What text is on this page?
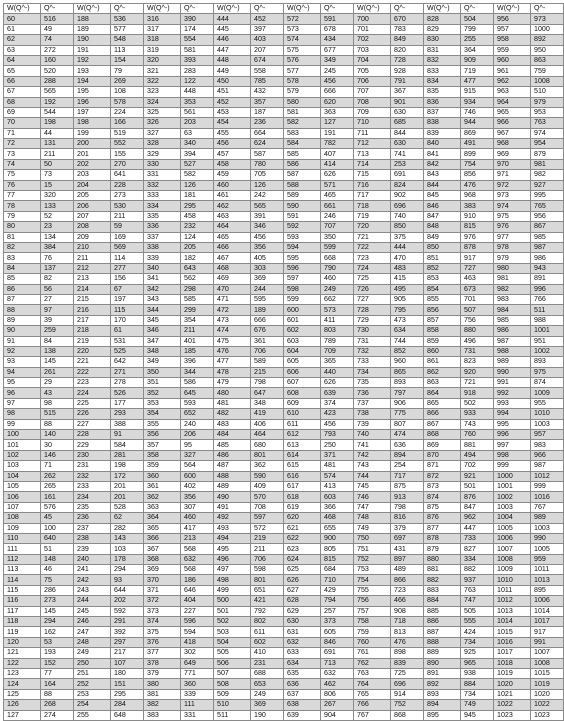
W(Q^-)	Q^-	W(Q^-)	Q^-	W(Q^-)	Q^-	W(Q^-)	Q^-	W(Q^-)	Q^-	W(Q^-)	Q^-	W(Q^-)	Q^-	W(Q^-)	Q^-
60	516	188	536	316	390	444	452	572	591	700	670	828	504	956	973
61	49	189	577	317	174	445	397	573	678	701	783	829	799	957	1000
62	74	190	548	318	554	446	403	574	434	702	849	830	255	958	892
63	272	191	113	319	581	447	207	575	677	703	820	831	364	959	950
64	160	192	154	320	393	448	674	576	349	704	728	832	909	960	863
65	520	193	79	321	283	449	558	577	245	705	928	833	719	961	759
66	288	194	269	322	122	450	785	578	456	706	791	834	477	962	1008
67	565	195	108	323	448	451	432	579	666	707	367	835	915	963	510
68	192	196	578	324	353	452	357	580	620	708	901	836	934	964	979
69	544	197	224	325	561	453	187	581	363	709	630	837	746	965	953
70	198	198	166	326	203	454	236	582	127	710	685	838	944	966	763
71	44	199	519	327	63	455	664	583	191	711	844	839	869	967	974
72	131	200	552	328	340	456	624	584	782	712	630	840	491	968	954
73	211	201	155	329	394	457	587	585	407	713	741	841	899	969	879
74	50	202	270	330	527	458	780	586	414	714	253	842	754	970	981
75	73	203	641	331	582	459	705	587	626	715	691	843	856	971	982
76	15	204	228	332	126	460	126	588	571	716	824	844	476	972	927
77	320	205	273	333	181	461	242	589	465	717	902	845	968	973	995
78	133	206	530	334	295	462	565	590	661	718	696	846	383	974	765
79	52	207	211	335	458	463	391	591	246	719	740	847	910	975	956
80	23	208	59	336	232	464	346	592	707	720	850	848	815	976	867
81	134	209	169	337	124	465	456	593	350	721	375	849	976	977	985
82	384	210	569	338	205	466	356	594	599	722	444	850	878	978	987
83	76	211	114	339	182	467	405	595	668	723	470	851	917	979	986
84	137	212	277	340	643	468	303	596	790	724	483	852	727	980	943
85	82	213	156	341	562	469	369	597	460	725	415	853	463	981	891
86	56	214	67	342	298	470	244	598	249	726	495	854	673	982	996
87	27	215	197	343	585	471	595	599	662	727	905	855	701	983	766
88	97	216	115	344	299	472	189	600	573	728	795	856	507	984	511
89	39	217	170	345	354	473	666	601	411	729	473	857	756	985	988
90	259	218	61	346	211	474	676	602	803	730	634	858	880	986	1001
91	84	219	531	347	401	475	361	603	789	731	744	859	496	987	951
92	138	220	525	348	185	476	706	604	709	732	852	860	731	988	1002
93	145	221	642	349	396	477	589	605	365	733	960	861	823	989	893
94	261	222	271	350	344	478	215	606	440	734	865	862	920	990	975
95	29	223	278	351	586	479	798	607	626	735	893	863	721	991	874
96	43	224	526	352	645	480	647	608	639	736	797	864	918	992	1009
97	98	225	177	353	593	481	348	609	374	737	906	865	502	993	955
98	515	226	293	354	652	482	419	610	423	738	775	866	933	994	1010
99	88	227	388	355	240	483	406	611	456	739	807	867	743	995	1003
100	140	228	91	356	206	484	464	612	793	740	474	868	760	996	957
101	30	229	584	357	95	485	680	613	250	741	636	869	881	997	983
102	146	230	281	358	327	486	801	614	371	742	894	870	494	998	966
103	71	231	198	359	564	487	362	615	481	743	254	871	702	999	987
104	262	232	172	360	600	488	590	616	574	744	717	872	921	1000	1012
105	265	233	201	361	402	489	409	617	413	745	875	873	501	1001	999
106	161	234	201	362	356	490	570	618	603	746	913	874	876	1002	1016
107	576	235	528	363	307	491	708	619	366	747	798	875	847	1003	767
108	45	236	62	364	460	492	597	620	468	748	816	876	962	1004	989
109	100	237	282	365	417	493	572	621	655	749	379	877	447	1005	1003
110	640	238	143	366	213	494	219	622	900	750	697	878	733	1006	990
111	51	239	103	367	568	495	211	623	805	751	431	879	827	1007	1005
112	148	240	178	368	632	496	706	624	815	752	897	880	334	1008	959
113	46	241	294	369	568	497	598	625	684	753	489	881	882	1009	1011
114	75	242	93	370	186	498	801	626	710	754	866	882	937	1010	1013
115	286	243	644	371	646	499	651	627	429	755	723	883	763	1011	895
116	273	244	202	372	404	500	421	628	794	756	466	884	747	1012	1006
117	145	245	592	373	227	501	792	629	257	757	908	885	505	1013	1014
118	294	246	291	374	596	502	802	630	373	758	718	886	555	1014	1017
119	162	247	392	375	594	503	611	631	605	759	813	887	424	1015	917
120	53	248	297	376	418	504	602	632	846	760	476	888	734	1016	991
121	193	249	217	377	302	505	410	633	691	761	898	889	925	1017	1007
122	152	250	107	378	649	506	231	634	713	762	839	890	965	1018	1008
123	77	251	180	379	771	507	688	635	632	763	725	891	938	1019	1015
124	164	252	151	380	360	508	653	636	462	764	696	892	884	1020	1019
125	88	253	295	381	339	509	249	637	806	765	914	893	734	1021	1020
126	268	254	284	382	111	510	369	638	267	766	752	894	749	1022	1022
127	274	255	648	383	331	511	190	639	904	767	868	895	945	1023	1023
